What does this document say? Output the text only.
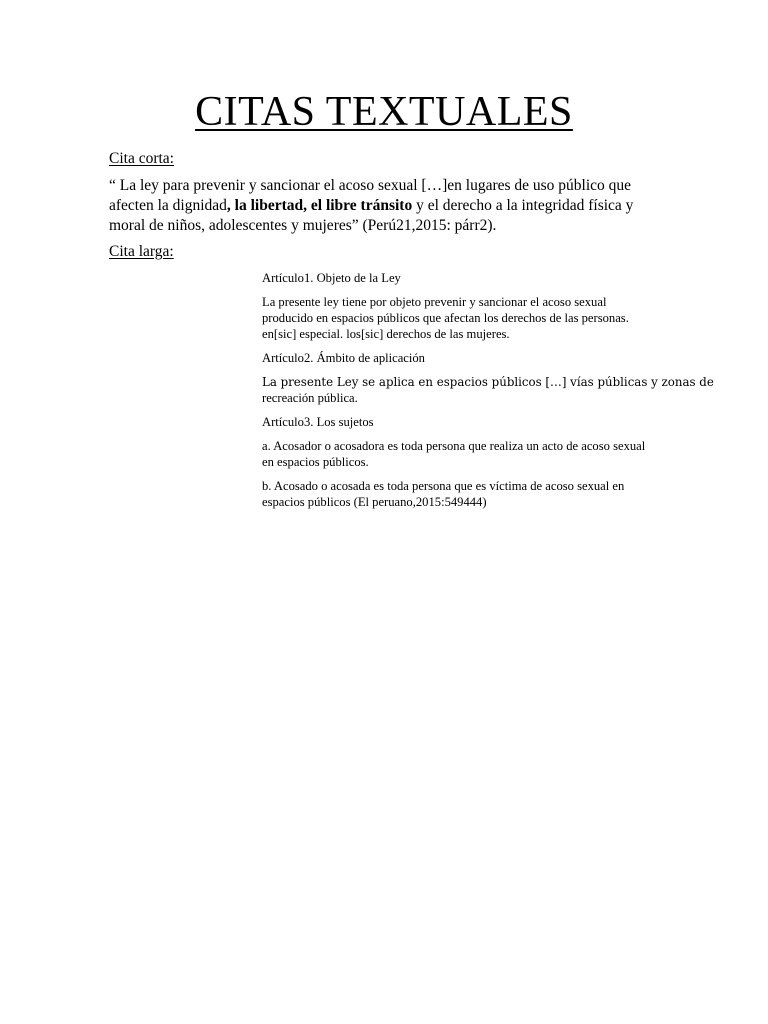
CITAS TEXTUALES
Cita corta:
“ La ley para prevenir y sancionar el acoso sexual […]en lugares de uso público que
afecten la dignidad, la libertad, el libre tránsito y el derecho a la integridad física y
moral de niños, adolescentes y mujeres” (Perú21,2015: párr2).
Cita larga:
Artículo1. Objeto de la Ley
La presente ley tiene por objeto prevenir y sancionar el acoso sexual
producido en espacios públicos que afectan los derechos de las personas.
en[sic] especial. los[sic] derechos de las mujeres.
Artículo2. Ámbito de aplicación
La presente Ley se aplica en espacios públicos […] vías públicas y zonas de
recreación pública.
Artículo3. Los sujetos
a. Acosador o acosadora es toda persona que realiza un acto de acoso sexual
en espacios públicos.
b. Acosado o acosada es toda persona que es víctima de acoso sexual en
espacios públicos (El peruano,2015:549444)
